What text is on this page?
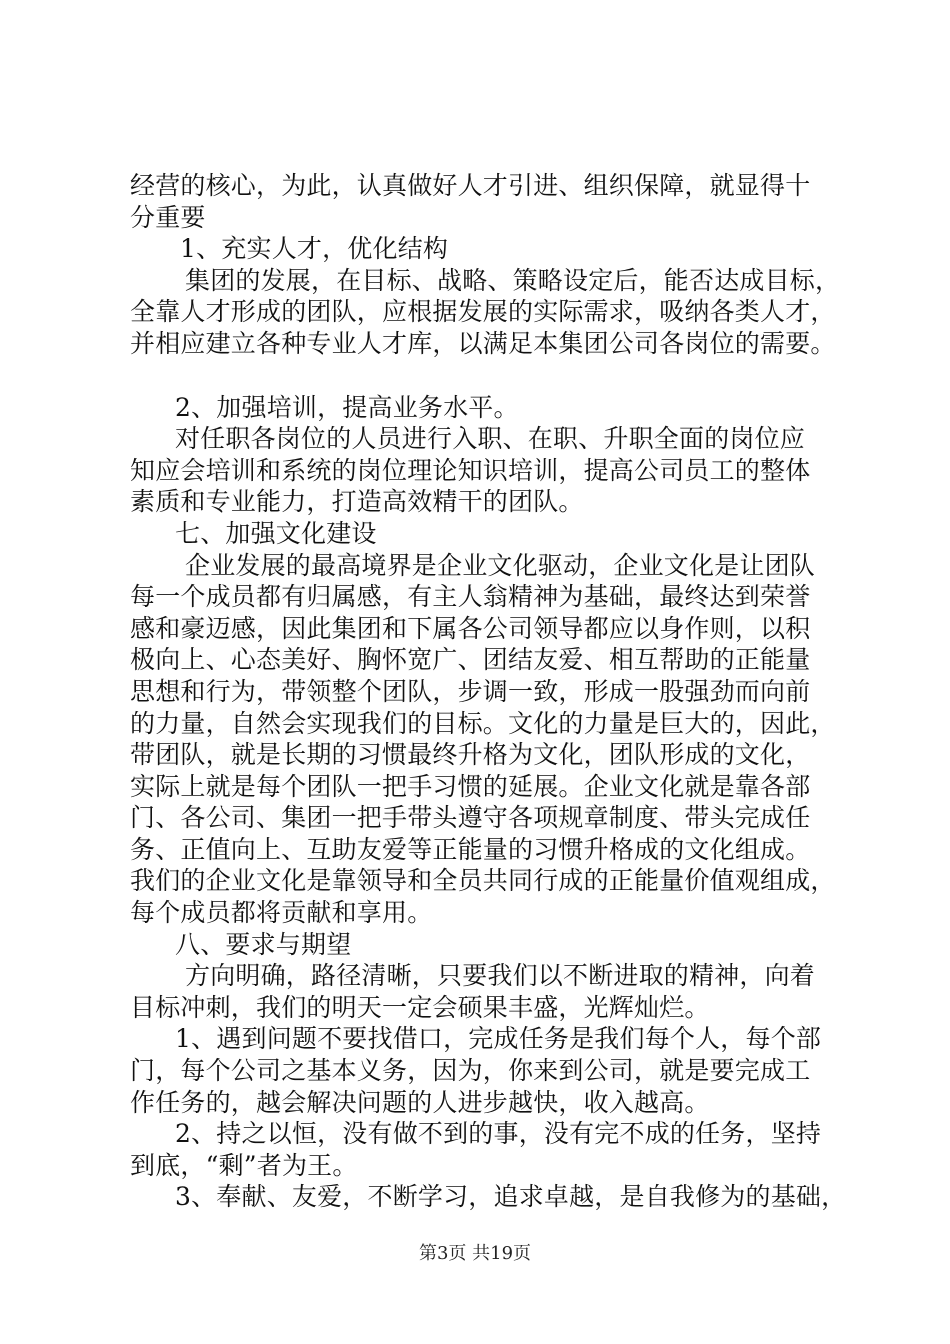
经营的核心，为此，认真做好人才引进、组织保障，就显得十
分重要
1、充实人才，优化结构
集团的发展，在目标、战略、策略设定后，能否达成目标，
全靠人才形成的团队，应根据发展的实际需求，吸纳各类人才，
并相应建立各种专业人才库，以满足本集团公司各岗位的需要。
2、加强培训，提高业务水平。
对任职各岗位的人员进行入职、在职、升职全面的岗位应
知应会培训和系统的岗位理论知识培训，提高公司员工的整体
素质和专业能力，打造高效精干的团队。
七、加强文化建设
企业发展的最高境界是企业文化驱动，企业文化是让团队
每一个成员都有归属感，有主人翁精神为基础，最终达到荣誉
感和豪迈感，因此集团和下属各公司领导都应以身作则，以积
极向上、心态美好、胸怀宽广、团结友爱、相互帮助的正能量
思想和行为，带领整个团队，步调一致，形成一股强劲而向前
的力量，自然会实现我们的目标。文化的力量是巨大的，因此，
带团队，就是长期的习惯最终升格为文化，团队形成的文化，
实际上就是每个团队一把手习惯的延展。企业文化就是靠各部
门、各公司、集团一把手带头遵守各项规章制度、带头完成任
务、正值向上、互助友爱等正能量的习惯升格成的文化组成。
我们的企业文化是靠领导和全员共同行成的正能量价值观组成，
每个成员都将贡献和享用。
八、要求与期望
方向明确，路径清晰，只要我们以不断进取的精神，向着
目标冲刺，我们的明天一定会硕果丰盛，光辉灿烂。
1、遇到问题不要找借口，完成任务是我们每个人，每个部
门，每个公司之基本义务，因为，你来到公司，就是要完成工
作任务的，越会解决问题的人进步越快，收入越高。
2、持之以恒，没有做不到的事，没有完不成的任务，坚持
到底，“剩”者为王。
3、奉献、友爱，不断学习，追求卓越，是自我修为的基础，
第3页 共19页
